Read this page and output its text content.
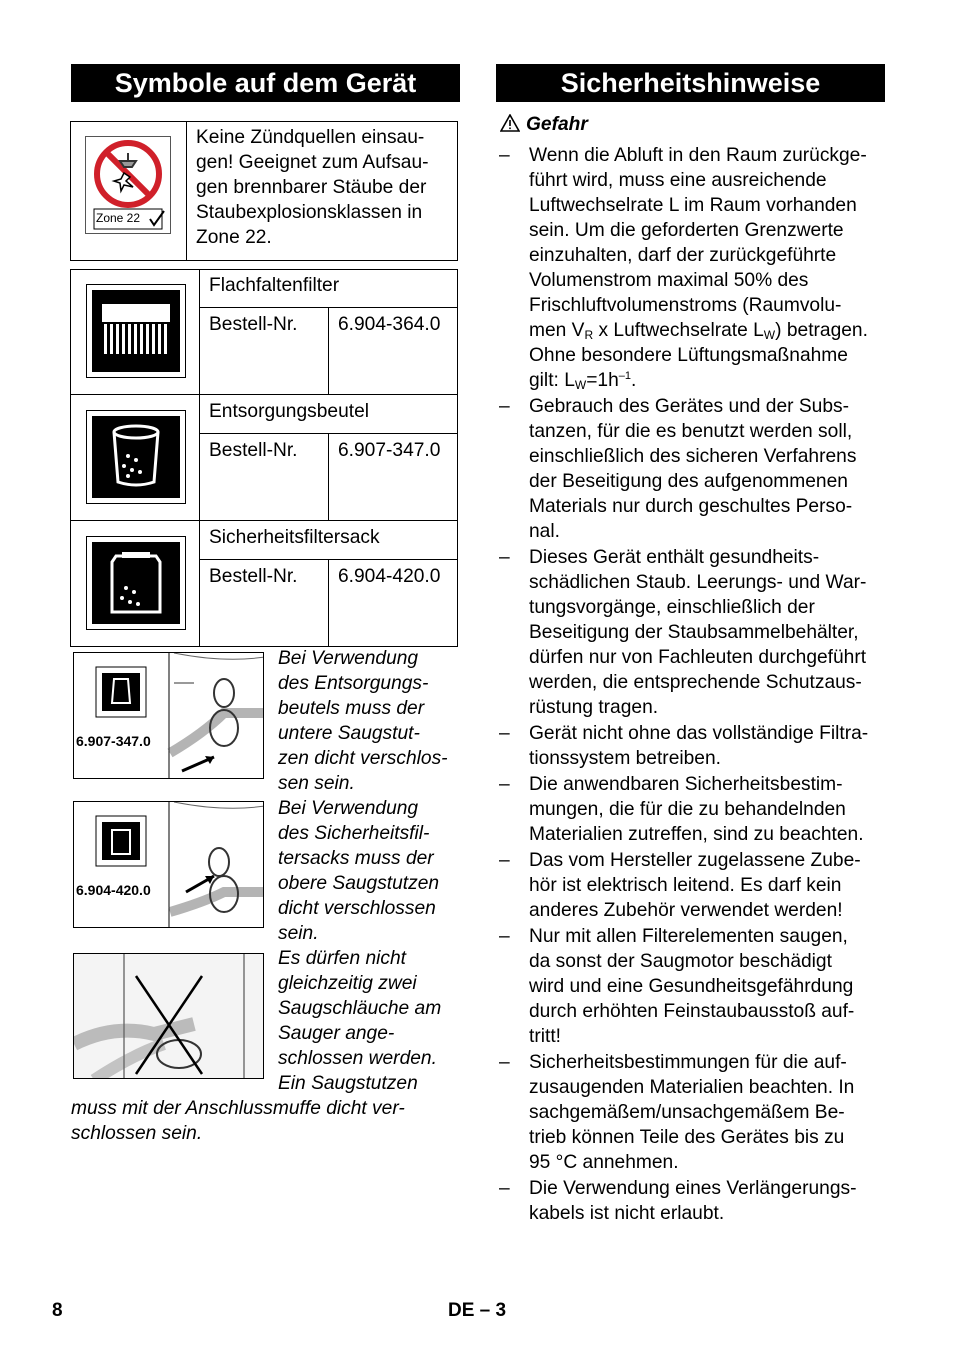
Symbole auf dem Gerät	Sicherheitshinweise
Zone 22
Keine Zündquellen einsau-
gen! Geeignet zum Aufsau-
gen brennbarer Stäube der
Staubexplosionsklassen in
Zone 22.
Flachfaltenfilter
Bestell-Nr. 6.904-364.0
Entsorgungsbeutel
Bestell-Nr. 6.907-347.0
Sicherheitsfiltersack
Bestell-Nr. 6.904-420.0
6.907-347.0
6.904-420.0
Bei Verwendung
des Entsorgungs-
beutels muss der
untere Saugstut-
zen dicht verschlos-
sen sein.
Bei Verwendung
des Sicherheitsfil-
tersacks muss der
obere Saugstutzen
dicht verschlossen
sein.
Es dürfen nicht
gleichzeitig zwei
Saugschläuche am
Sauger ange-
schlossen werden.
Ein Saugstutzen
muss mit der Anschlussmuffe dicht ver-
schlossen sein.
Gefahr
– Wenn die Abluft in den Raum zurückge-
führt wird, muss eine ausreichende
Luftwechselrate L im Raum vorhanden
sein. Um die geforderten Grenzwerte
einzuhalten, darf der zurückgeführte
Volumenstrom maximal 50% des
Frischluftvolumenstroms (Raumvolu-
men $V_R$ x Luftwechselrate $L_W$) betragen.
Ohne besondere Lüftungsmaßnahme
gilt: $L_W=1h^{-1}$.
– Gebrauch des Gerätes und der Subs-
tanzen, für die es benutzt werden soll,
einschließlich des sicheren Verfahrens
der Beseitigung des aufgenommenen
Materials nur durch geschultes Perso-
nal.
– Dieses Gerät enthält gesundheits-
schädlichen Staub. Leerungs- und War-
tungsvorgänge, einschließlich der
Beseitigung der Staubsammelbehälter,
dürfen nur von Fachleuten durchgeführt
werden, die entsprechende Schutzaus-
rüstung tragen.
– Gerät nicht ohne das vollständige Filtra-
tionssystem betreiben.
– Die anwendbaren Sicherheitsbestim-
mungen, die für die zu behandelnden
Materialien zutreffen, sind zu beachten.
– Das vom Hersteller zugelassene Zube-
hör ist elektrisch leitend. Es darf kein
anderes Zubehör verwendet werden!
– Nur mit allen Filterelementen saugen,
da sonst der Saugmotor beschädigt
wird und eine Gesundheitsgefährdung
durch erhöhten Feinstaubausstoß auf-
tritt!
– Sicherheitsbestimmungen für die auf-
zusaugenden Materialien beachten. In
sachgemäßem/unsachgemäßem Be-
trieb können Teile des Gerätes bis zu
95 °C annehmen.
– Die Verwendung eines Verlängerungs-
kabels ist nicht erlaubt.
8	DE – 3
